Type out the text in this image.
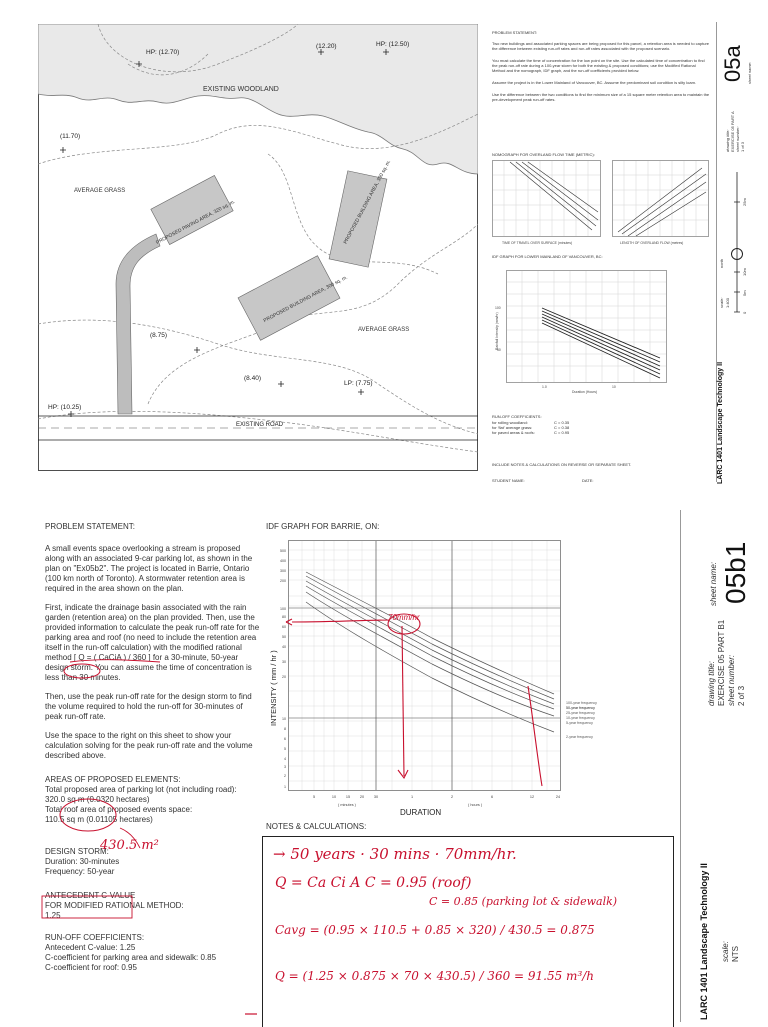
HP: (12.70)
(12.20)	HP: (12.50)
EXISTING WOODLAND
(11.70)
AVERAGE GRASS
PROPOSED PAVING AREA, 320 sq. m.	PROPOSED BUILDING AREA, 300 sq. m.
PROPOSED BUILDING AREA, 300 sq. m.
AVERAGE GRASS
(8.75)
(8.40)
LP: (7.75)
HP: (10.25)
EXISTING ROAD
PROBLEM STATEMENT:
Two new buildings and associated parking spaces are being proposed for this parcel, a retention area is needed to capture the difference between existing run-off rates and run-off rates associated with the proposed scenario.
You must calculate the time of concentration for the low point on the site. Use the calculated time of concentration to find the peak run-off rate during a 100-year storm for both the existing & proposed conditions; use the Modified Rational Method and the nomograph, IDF graph, and the run-off coefficients provided below.
Assume the project is in the Lower Mainland of Vancouver, BC. Assume the predominant soil condition is silty loam.
Use the difference between the two conditions to find the minimum size of a 15 square meter retention area to maintain the pre-development peak run-off rates.
NOMOGRAPH FOR OVERLAND FLOW TIME (METRIC):
TIME OF TRAVEL OVER SURFACE (minutes)	LENGTH OF OVERLAND FLOW (metres)
IDF GRAPH FOR LOWER MAINLAND OF VANCOUVER, BC:
Rainfall Intensity (mm/hr)
100
50
10
1.0
Duration (Hours)
RUN-OFF COEFFICIENTS:
for rolling woodland:	C = 0.35
for 'flat' average grass:	C = 0.38
for paved areas & roofs:	C = 0.95
INCLUDE NOTES & CALCULATIONS ON REVERSE OR SEPARATE SHEET.
STUDENT NAME:	DATE:
05a sheet name:
drawing title: EXERCISE 05 PART A sheet number: 1 of 3
25m
10m
5m
0
north
scale: 1:400
LARC 1401 Landscape Technology II
PROBLEM STATEMENT:
A small events space overlooking a stream is proposed along with an associated 9-car parking lot, as shown in the plan on "Ex05b2". The project is located in Barrie, Ontario (100 km north of Toronto). A stormwater retention area is required in the area shown on the plan.
First, indicate the drainage basin associated with the rain garden (retention area) on the plan provided. Then, use the provided information to calculate the peak run-off rate for the parking area and roof (no need to include the retention area itself in the run-off calculation) with the modified rational method [ Q = ( CaCiA ) / 360 ] for a 30-minute, 50-year design storm. You can assume the time of concentration is less than 30 minutes.
Then, use the peak run-off rate for the design storm to find the volume required to hold the run-off for 30-minutes of peak run-off rate.
Use the space to the right on this sheet to show your calculation solving for the peak run-off rate and the volume described above.
AREAS OF PROPOSED ELEMENTS:
Total proposed area of parking lot (not including road):
320.0 sq m (0.0320 hectares)
Total roof area of proposed events space:
110.5 sq m (0.01105 hectares)
DESIGN STORM:
Duration: 30-minutes
Frequency: 50-year
ANTECEDENT C-VALUE
FOR MODIFIED RATIONAL METHOD:
1.25
RUN-OFF COEFFICIENTS:
Antecedent C-value: 1.25
C-coefficient for parking area and sidewalk: 0.85
C-coefficient for roof: 0.95
430.5 m²
IDF GRAPH FOR BARRIE, ON:
100-year frequency
50-year frequency
25-year frequency
10-year frequency
5-year frequency
2-year frequency
500
400
300
200
100
80
60
50
40
30
20
10
8
6
5
4
3
2
1
5	10	15	20	30	1	2	6	12	24
( minutes )	( hours )
DURATION
INTENSITY ( mm / hr )
70mm/hr
NOTES & CALCULATIONS:
→ 50 years · 30 mins · 70mm/hr.
Q = Ca Ci A C = 0.95 (roof)
C = 0.85 (parking lot & sidewalk)
Cavg = (0.95 × 110.5 + 0.85 × 320) / 430.5 = 0.875
Q = (1.25 × 0.875 × 70 × 430.5) / 360 = 91.55 m³/h
05b1
sheet name:
drawing title: EXERCISE 05 PART B1 sheet number: 2 of 3
LARC 1401 Landscape Technology II scale: NTS
